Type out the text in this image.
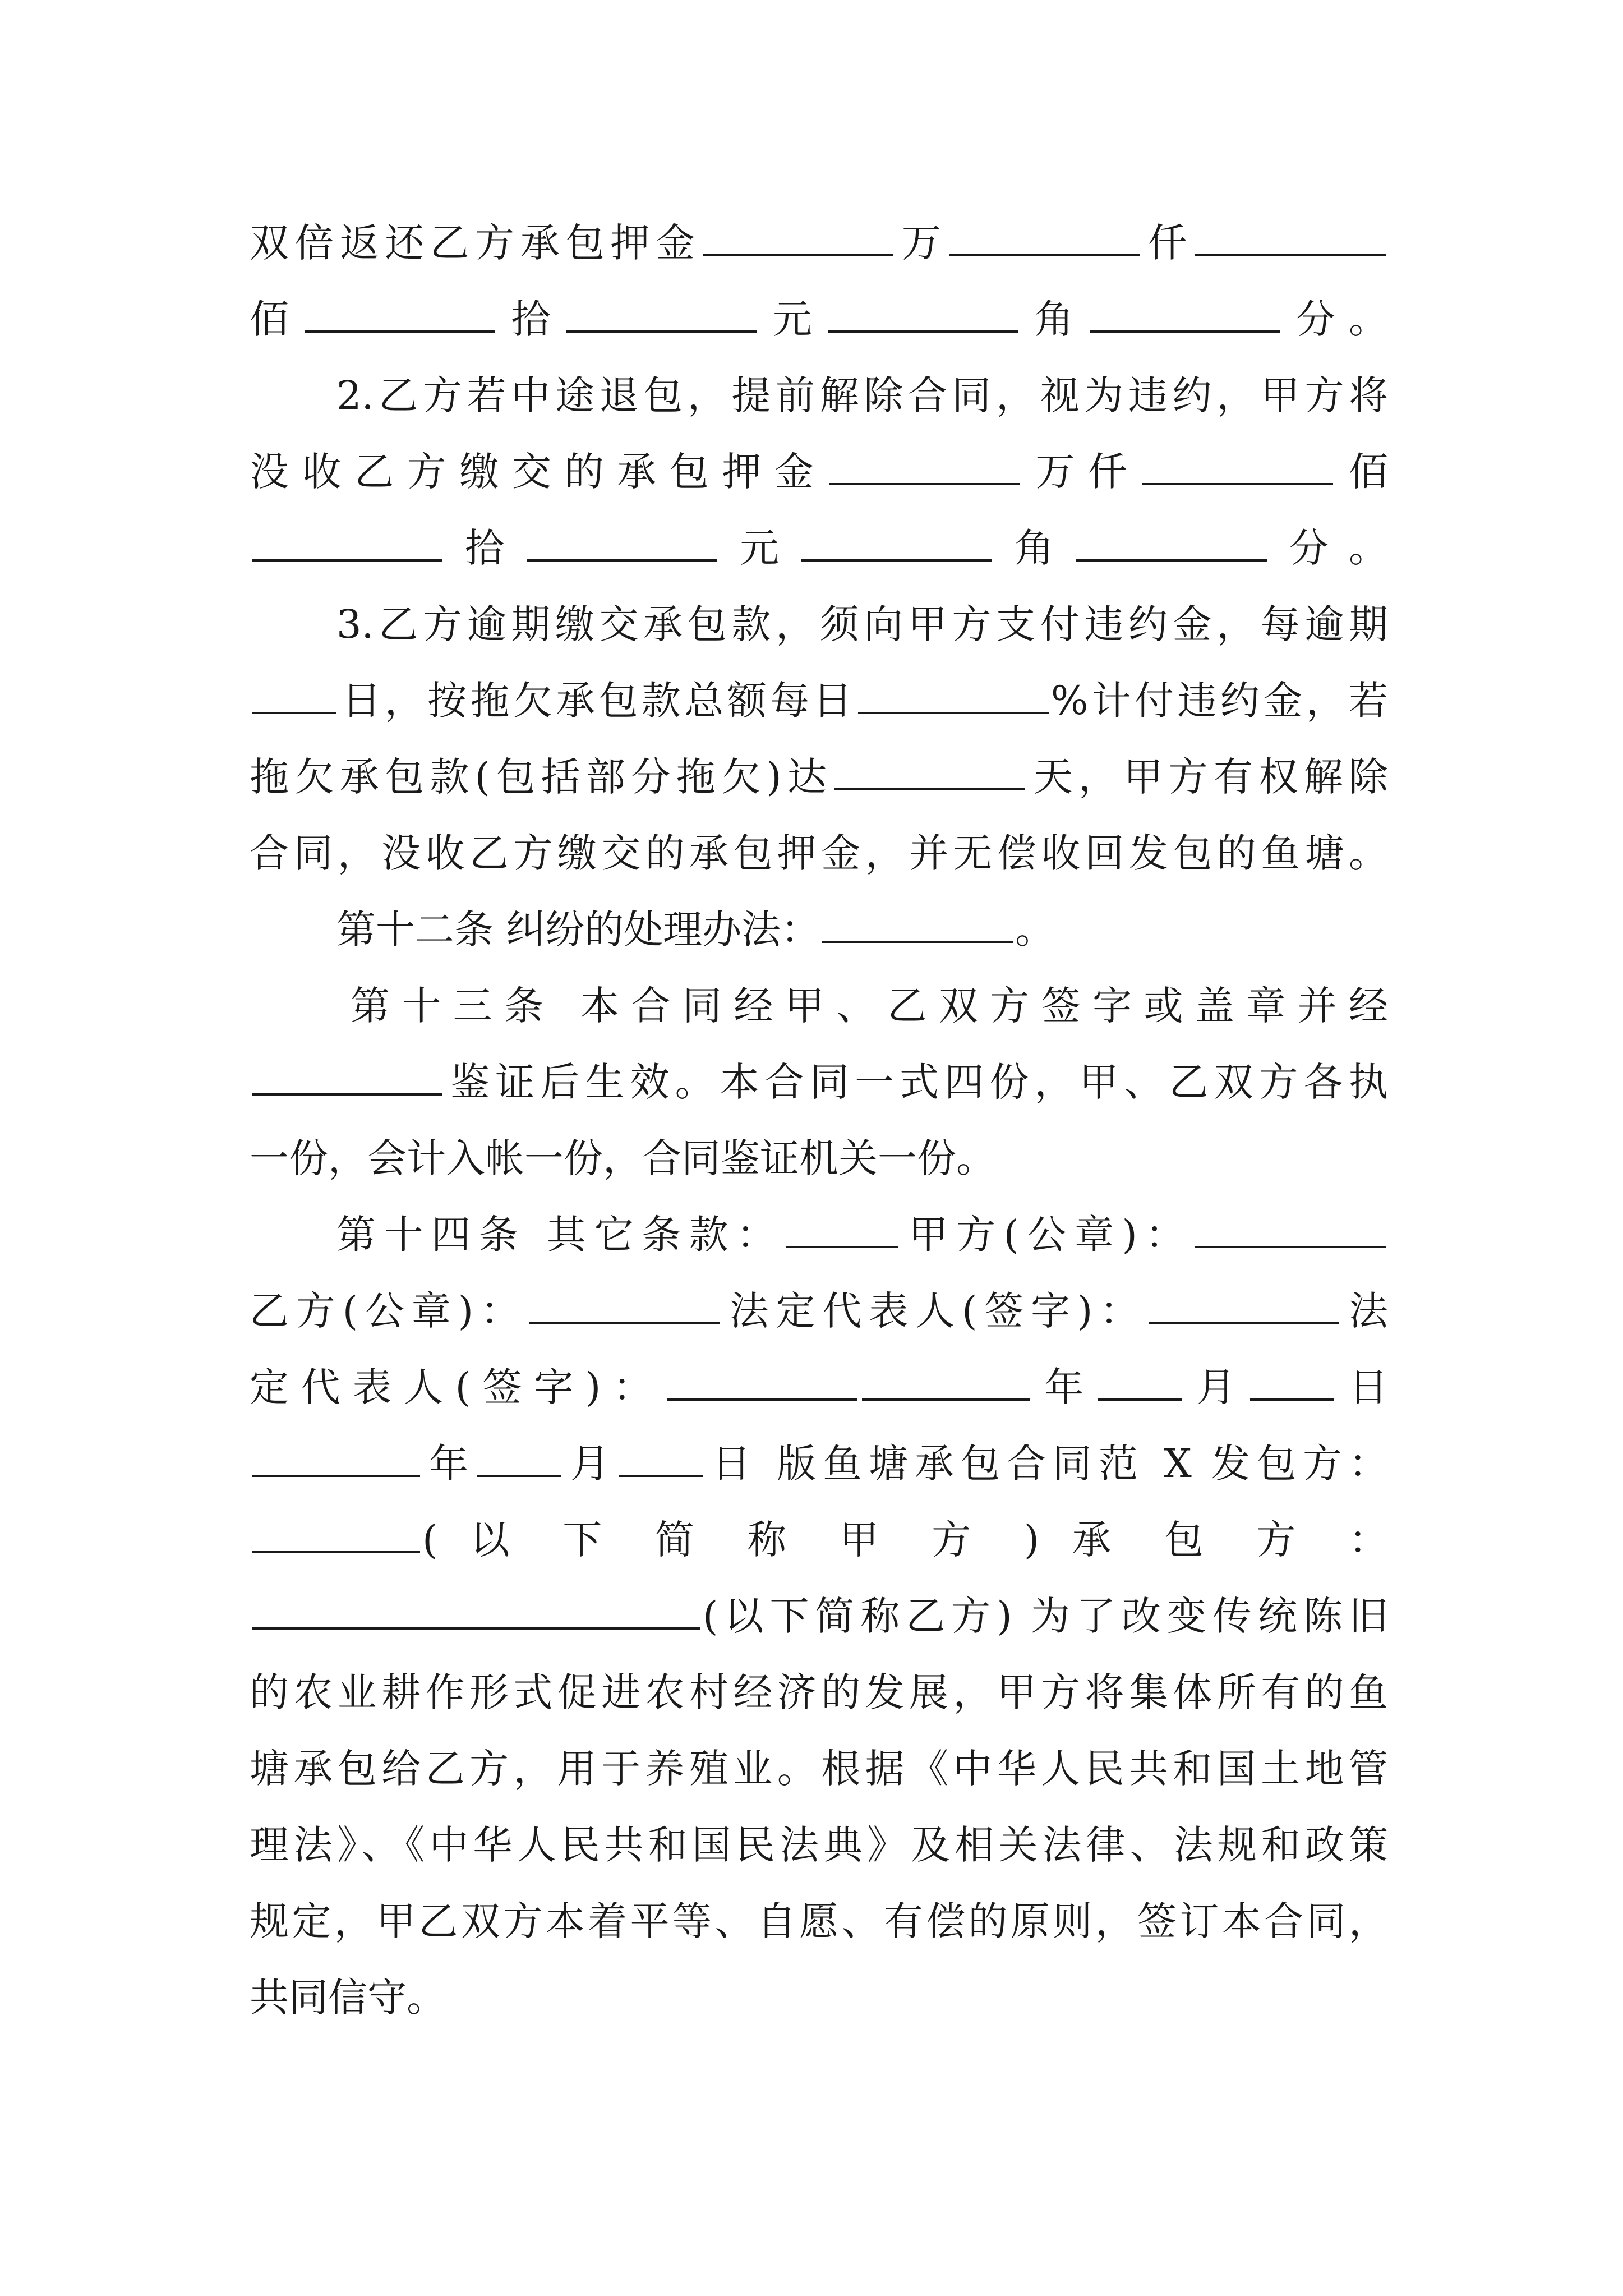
双倍返还乙方承包押金	万	仟
佰	拾	元	角	分。
2.乙方若中途退包，提前解除合同，视为违约，甲方将
没收乙方缴交的承包押金	万仟	佰
拾	元	角	分。
3.乙方逾期缴交承包款，须向甲方支付违约金，每逾期
日，按拖欠承包款总额每日	%计付违约金，若
拖欠承包款(包括部分拖欠)达	天，甲方有权解除
合同，没收乙方缴交的承包押金，并无偿收回发包的鱼塘。
第十二条 纠纷的处理办法：	。
第十三条 本合同经甲、乙双方签字或盖章并经
鉴证后生效。本合同一式四份，甲、乙双方各执
一份，会计入帐一份，合同鉴证机关一份。
第十四条 其它条款：	甲方(公章)：
乙方(公章)：	法定代表人(签字)：	法
定代表人(签字)：	年 月 日
年 月 日 版鱼塘承包合同范 X 发包方：
( 以 下 简 称 甲 方 ) 承 包 方 ：
(以下简称乙方) 为了改变传统陈旧
的农业耕作形式促进农村经济的发展，甲方将集体所有的鱼
塘承包给乙方，用于养殖业。根据《中华人民共和国土地管
理法》、《中华人民共和国民法典》及相关法律、法规和政策
规定，甲乙双方本着平等、自愿、有偿的原则，签订本合同，
共同信守。
